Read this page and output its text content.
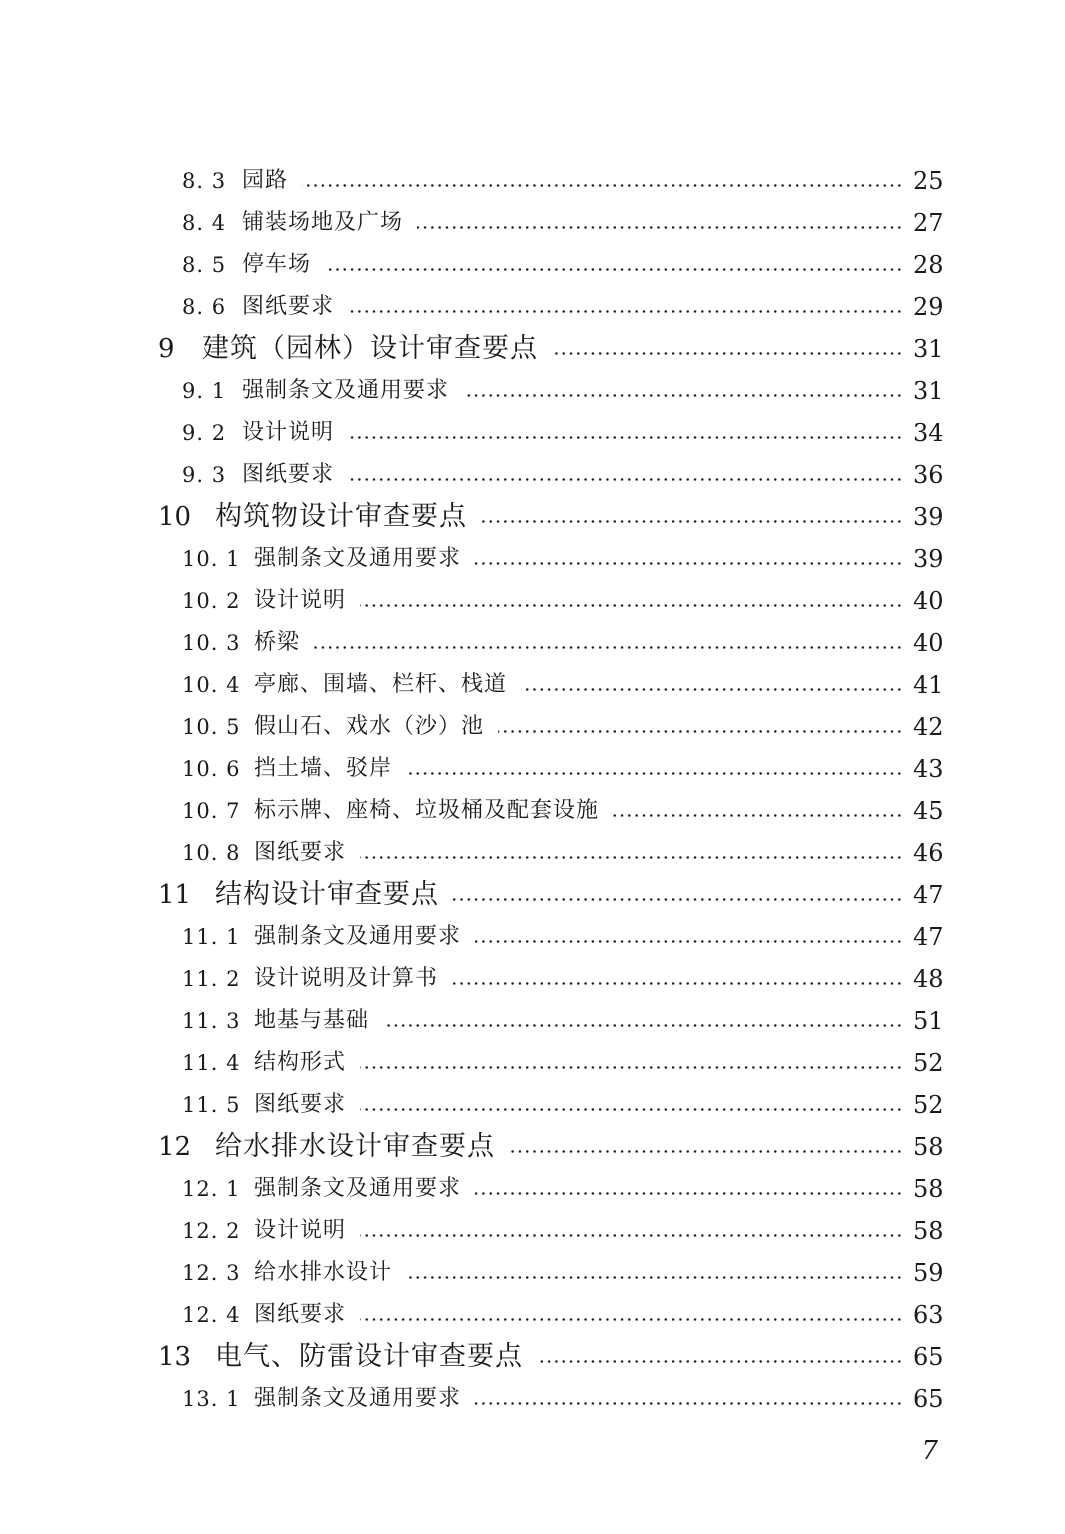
8. 3 园路	25
8. 4 铺装场地及广场	27
8. 5 停车场	28
8. 6 图纸要求	29
9	建筑（园林）设计审查要点	31
9. 1 强制条文及通用要求	31
9. 2 设计说明	34
9. 3 图纸要求	36
10 构筑物设计审查要点	39
10. 1 强制条文及通用要求	39
10. 2 设计说明	40
10. 3 桥梁	40
10. 4 亭廊、围墙、栏杆、栈道	41
10. 5 假山石、戏水（沙）池	42
10. 6 挡土墙、驳岸	43
10. 7 标示牌、座椅、垃圾桶及配套设施	45
10. 8 图纸要求	46
11 结构设计审查要点	47
11. 1 强制条文及通用要求	47
11. 2 设计说明及计算书	48
11. 3 地基与基础	51
11. 4 结构形式	52
11. 5 图纸要求	52
12 给水排水设计审查要点	58
12. 1 强制条文及通用要求	58
12. 2 设计说明	58
12. 3 给水排水设计	59
12. 4 图纸要求	63
13 电气、防雷设计审查要点	65
13. 1 强制条文及通用要求	65
7
